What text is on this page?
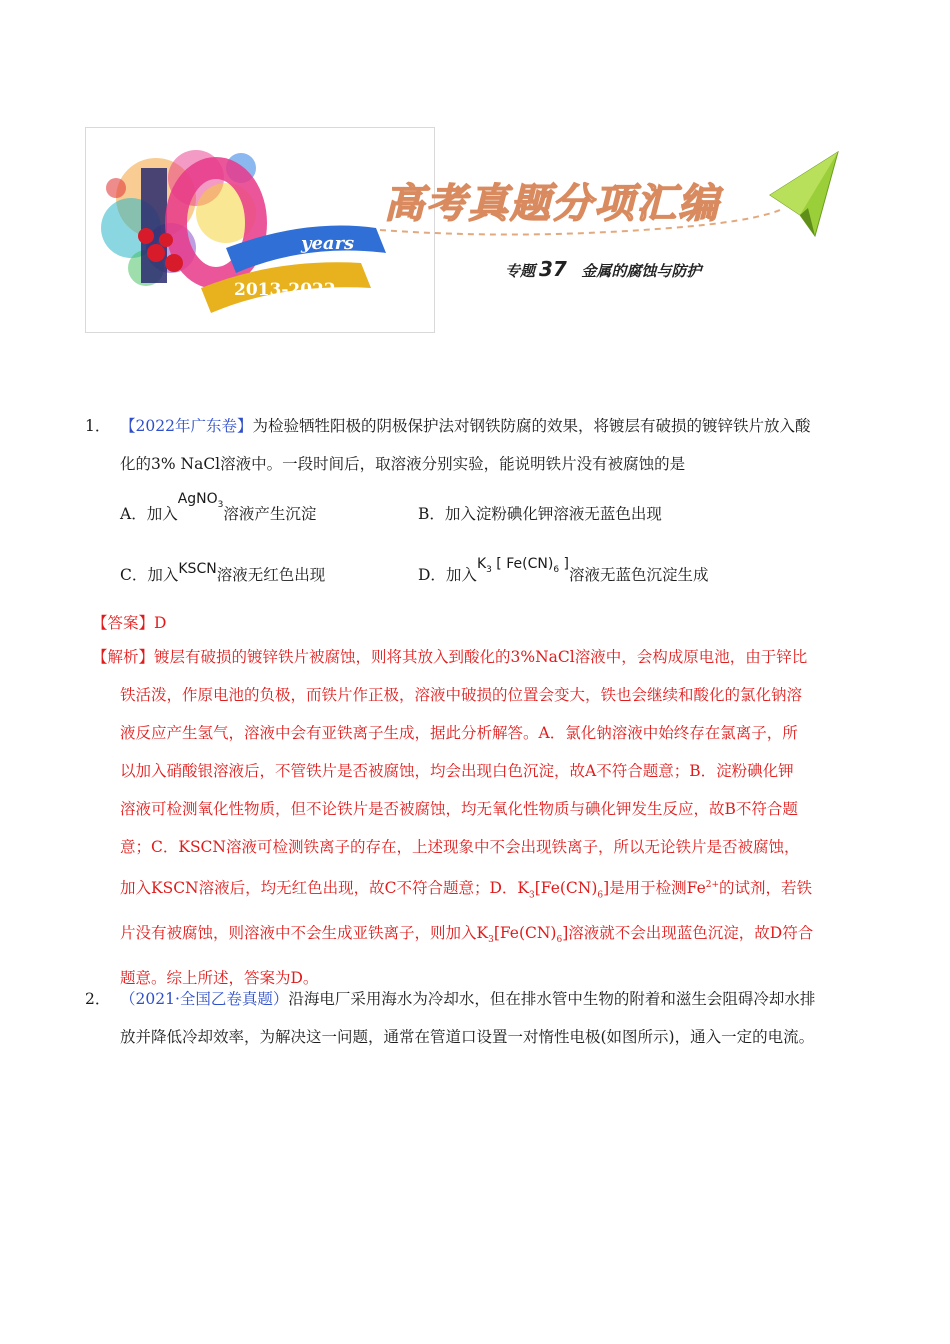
years
2013-2022
高考真题分项汇编
专题 37 金属的腐蚀与防护
1． 【2022年广东卷】为检验牺牲阳极的阴极保护法对钢铁防腐的效果，将镀层有破损的镀锌铁片放入酸
化的3% NaCl溶液中。一段时间后，取溶液分别实验，能说明铁片没有被腐蚀的是
A．加入AgNO$_3$溶液产生沉淀	B．加入淀粉碘化钾溶液无蓝色出现
C．加入KSCN溶液无红色出现	D．加入$K_3$ [ $Fe(CN)_6$ ]溶液无蓝色沉淀生成
【答案】D
【解析】镀层有破损的镀锌铁片被腐蚀，则将其放入到酸化的3%NaCl溶液中，会构成原电池，由于锌比
铁活泼，作原电池的负极，而铁片作正极，溶液中破损的位置会变大，铁也会继续和酸化的氯化钠溶
液反应产生氢气，溶液中会有亚铁离子生成，据此分析解答。A．氯化钠溶液中始终存在氯离子，所
以加入硝酸银溶液后，不管铁片是否被腐蚀，均会出现白色沉淀，故A不符合题意；B．淀粉碘化钾
溶液可检测氧化性物质，但不论铁片是否被腐蚀，均无氧化性物质与碘化钾发生反应，故B不符合题
意；C．KSCN溶液可检测铁离子的存在，上述现象中不会出现铁离子，所以无论铁片是否被腐蚀，
加入KSCN溶液后，均无红色出现，故C不符合题意；D．$K_3[Fe(CN)_6]$是用于检测$Fe^{2+}$的试剂，若铁
片没有被腐蚀，则溶液中不会生成亚铁离子，则加入$K_3[Fe(CN)_6]$溶液就不会出现蓝色沉淀，故D符合
题意。综上所述，答案为D。
2． （2021·全国乙卷真题）沿海电厂采用海水为冷却水，但在排水管中生物的附着和滋生会阻碍冷却水排
放并降低冷却效率，为解决这一问题，通常在管道口设置一对惰性电极(如图所示)，通入一定的电流。
